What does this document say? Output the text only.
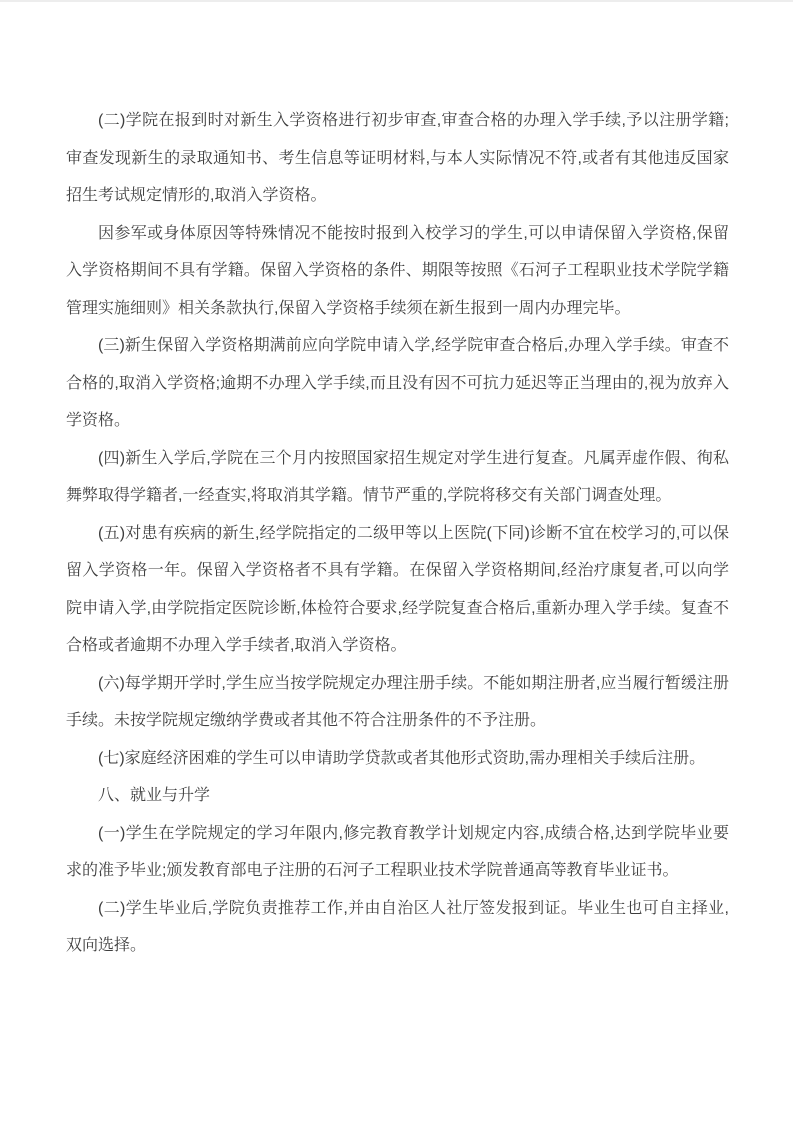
(二)学院在报到时对新生入学资格进行初步审查,审查合格的办理入学手续,予以注册学籍;审查发现新生的录取通知书、考生信息等证明材料,与本人实际情况不符,或者有其他违反国家招生考试规定情形的,取消入学资格。

因参军或身体原因等特殊情况不能按时报到入校学习的学生,可以申请保留入学资格,保留入学资格期间不具有学籍。保留入学资格的条件、期限等按照《石河子工程职业技术学院学籍管理实施细则》相关条款执行,保留入学资格手续须在新生报到一周内办理完毕。

(三)新生保留入学资格期满前应向学院申请入学,经学院审查合格后,办理入学手续。审查不合格的,取消入学资格;逾期不办理入学手续,而且没有因不可抗力延迟等正当理由的,视为放弃入学资格。

(四)新生入学后,学院在三个月内按照国家招生规定对学生进行复查。凡属弄虚作假、徇私舞弊取得学籍者,一经查实,将取消其学籍。情节严重的,学院将移交有关部门调查处理。

(五)对患有疾病的新生,经学院指定的二级甲等以上医院(下同)诊断不宜在校学习的,可以保留入学资格一年。保留入学资格者不具有学籍。在保留入学资格期间,经治疗康复者,可以向学院申请入学,由学院指定医院诊断,体检符合要求,经学院复查合格后,重新办理入学手续。复查不合格或者逾期不办理入学手续者,取消入学资格。

(六)每学期开学时,学生应当按学院规定办理注册手续。不能如期注册者,应当履行暂缓注册手续。未按学院规定缴纳学费或者其他不符合注册条件的不予注册。

(七)家庭经济困难的学生可以申请助学贷款或者其他形式资助,需办理相关手续后注册。

八、就业与升学

(一)学生在学院规定的学习年限内,修完教育教学计划规定内容,成绩合格,达到学院毕业要求的准予毕业;颁发教育部电子注册的石河子工程职业技术学院普通高等教育毕业证书。

(二)学生毕业后,学院负责推荐工作,并由自治区人社厅签发报到证。毕业生也可自主择业,双向选择。
